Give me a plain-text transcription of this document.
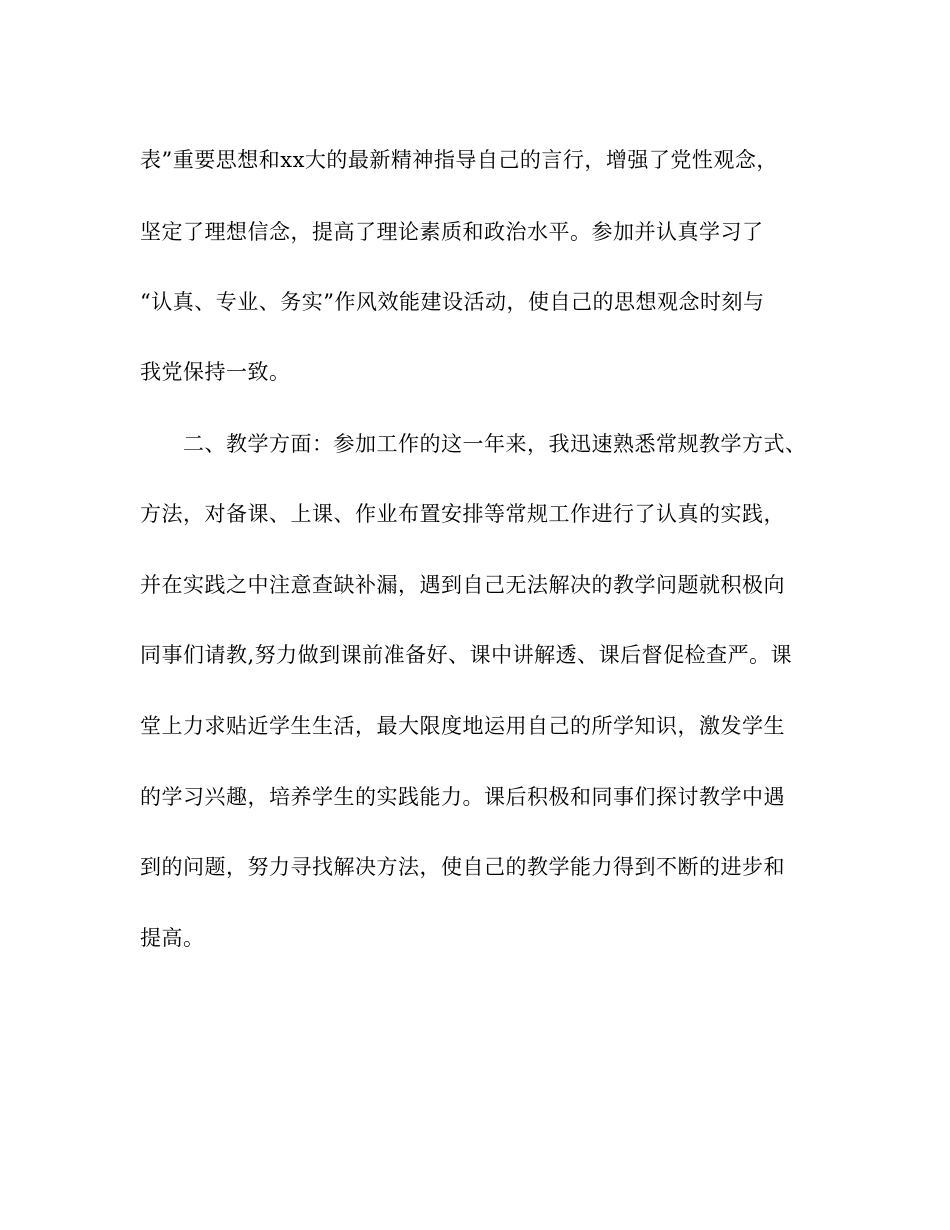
表”重要思想和xx大的最新精神指导自己的言行，增强了党性观念，
坚定了理想信念，提高了理论素质和政治水平。参加并认真学习了
“认真、专业、务实”作风效能建设活动，使自己的思想观念时刻与
我党保持一致。
　　二、教学方面：参加工作的这一年来，我迅速熟悉常规教学方式、
方法，对备课、上课、作业布置安排等常规工作进行了认真的实践，
并在实践之中注意查缺补漏，遇到自己无法解决的教学问题就积极向
同事们请教,努力做到课前准备好、课中讲解透、课后督促检查严。课
堂上力求贴近学生生活，最大限度地运用自己的所学知识，激发学生
的学习兴趣，培养学生的实践能力。课后积极和同事们探讨教学中遇
到的问题，努力寻找解决方法，使自己的教学能力得到不断的进步和
提高。
